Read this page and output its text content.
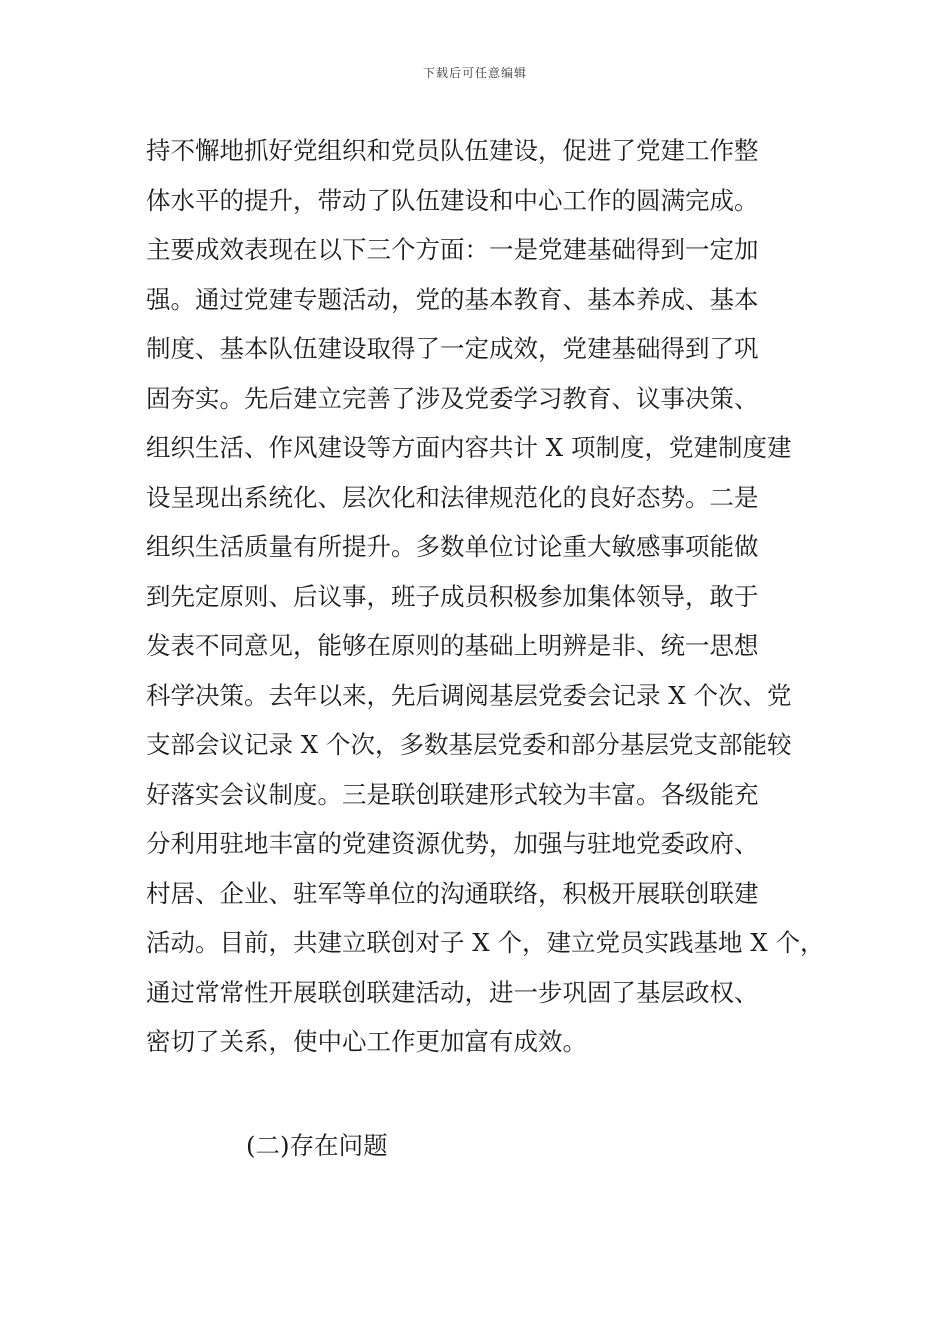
下载后可任意编辑
持不懈地抓好党组织和党员队伍建设，促进了党建工作整
体水平的提升，带动了队伍建设和中心工作的圆满完成。
主要成效表现在以下三个方面：一是党建基础得到一定加
强。通过党建专题活动，党的基本教育、基本养成、基本
制度、基本队伍建设取得了一定成效，党建基础得到了巩
固夯实。先后建立完善了涉及党委学习教育、议事决策、
组织生活、作风建设等方面内容共计 X 项制度，党建制度建
设呈现出系统化、层次化和法律规范化的良好态势。二是
组织生活质量有所提升。多数单位讨论重大敏感事项能做
到先定原则、后议事，班子成员积极参加集体领导，敢于
发表不同意见，能够在原则的基础上明辨是非、统一思想
科学决策。去年以来，先后调阅基层党委会记录 X 个次、党
支部会议记录 X 个次，多数基层党委和部分基层党支部能较
好落实会议制度。三是联创联建形式较为丰富。各级能充
分利用驻地丰富的党建资源优势，加强与驻地党委政府、
村居、企业、驻军等单位的沟通联络，积极开展联创联建
活动。目前，共建立联创对子 X 个，建立党员实践基地 X 个，
通过常常性开展联创联建活动，进一步巩固了基层政权、
密切了关系，使中心工作更加富有成效。
(二)存在问题
